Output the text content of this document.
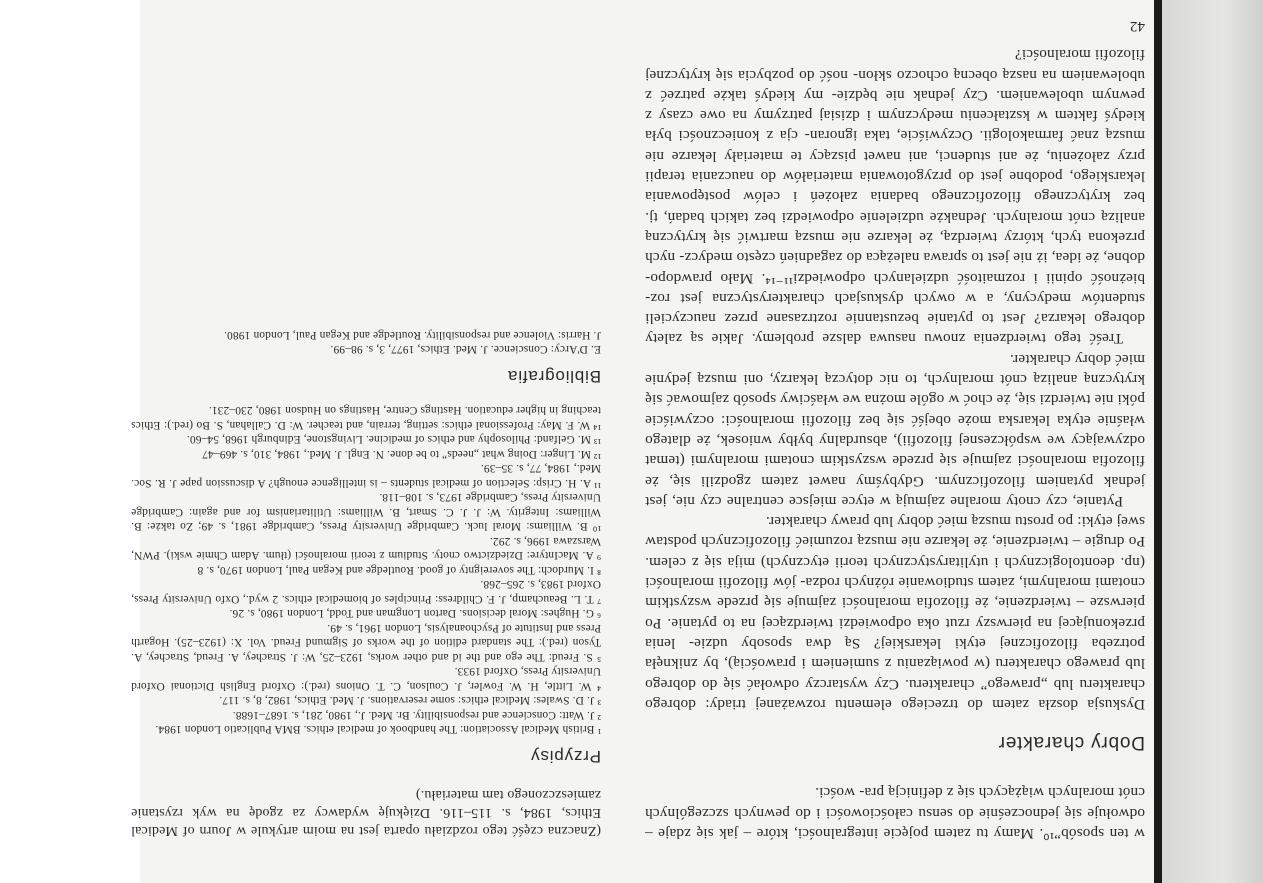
w ten sposób”¹⁰. Mamy tu zatem pojęcie integralności, które – jak się zdaje – odwołuje się jednocześnie do sensu całościowości i do pewnych szczególnych cnót moralnych wiążących się z definicją pra- wości.

Dobry charakter

Dyskusja doszła zatem do trzeciego elementu rozważanej triady: dobrego charakteru lub „prawego” charakteru. Czy wystarczy odwołać się do dobrego lub prawego charakteru (w powiązaniu z sumieniem i prawością), by zniknęła potrzeba filozoficznej etyki lekarskiej? Są dwa sposoby udzie- lenia przekonującej na pierwszy rzut oka odpowiedzi twierdzącej na to pytanie. Po pierwsze – twierdzenie, że filozofia moralności zajmuje się przede wszystkim cnotami moralnymi, zatem studiowanie różnych rodza- jów filozofii moralności (np. deontologicznych i utylitarystycznych teorii etycznych) mija się z celem. Po drugie – twierdzenie, że lekarze nie muszą rozumieć filozoficznych podstaw swej etyki: po prostu muszą mieć dobry lub prawy charakter.

Pytanie, czy cnoty moralne zajmują w etyce miejsce centralne czy nie, jest jednak pytaniem filozoficznym. Gdybyśmy nawet zatem zgodzili się, że filozofia moralności zajmuje się przede wszystkim cnotami moralnymi (temat odzywający we współczesnej filozofii), absurdalny byłby wniosek, że dlatego właśnie etyka lekarska może obejść się bez filozofii moralności: oczywiście póki nie twierdzi się, że choć w ogóle można we właściwy sposób zajmować się krytyczną analizą cnót moralnych, to nic dotyczą lekarzy, oni muszą jedynie mieć dobry charakter.

Treść tego twierdzenia znowu nasuwa dalsze problemy. Jakie są zalety dobrego lekarza? Jest to pytanie bezustannie roztrzasane przez nauczycieli studentów medycyny, a w owych dyskusjach charakterystyczna jest roz- bieżność opinii i rozmaitość udzielanych odpowiedzi¹¹⁻¹⁴. Mało prawdopo- dobne, że idea, iż nie jest to sprawa należąca do zagadnień często medycz- nych przekona tych, którzy twierdzą, że lekarze nie muszą martwić się krytyczną analizą cnót moralnych. Jednakże udzielenie odpowiedzi bez takich badań, tj. bez krytycznego filozoficznego badania założeń i celów postępowania lekarskiego, podobne jest do przygotowania materiałów do nauczania terapii przy założeniu, że ani studenci, ani nawet piszący te materiały lekarze nie muszą znać farmakologii. Oczywiście, taka ignoran- cja z konieczności była kiedyś faktem w kształceniu medycznym i dzisiaj patrzymy na owe czasy z pewnym ubolewaniem. Czy jednak nie będzie- my kiedyś także patrzeć z ubolewaniem na naszą obecną ochoczo skłon- ność do pozbycia się krytycznej filozofii moralności?

42

(Znaczna część tego rozdziału oparta jest na moim artykule w Journ of Medical Ethics, 1984, s. 115–116. Dziękuję wydawcy za zgodę na wyk rzystanie zamieszczonego tam materiału.)

Przypisy

¹ British Medical Association: The handbook of medical ethics. BMA Publicatio London 1984.

² J. Watt: Conscience and responsibility. Br. Med. J., 1980, 281, s. 1687–1688.

³ J. D. Swales: Medical ethics: some reservations. J. Med. Ethics, 1982, 8, s. 117.

⁴ W. Little, H. W. Fowler, J. Coulson, C. T. Onions (red.): Oxford English Dictionai Oxford University Press, Oxford 1933.

⁵ S. Freud: The ego and the id and other works, 1923–25, W: J. Strachey, A. Freud, Strachey, A. Tyson (red.): The standard edition of the works of Sigmund Freud. Vol. X: (1923–25). Hogarth Press and Institute of Psychoanalysis, London 1961, s. 49.

⁶ G. Hughes: Moral decisions. Darton Longman and Todd, London 1980, s. 26.

⁷ T. L. Beauchamp, J. F. Childress: Principles of biomedical ethics. 2 wyd., Oxfo University Press, Oxford 1983, s. 265–268.

⁸ I. Murdoch: The sovereignty of good. Routledge and Kegan Paul, London 1970, s. 8

⁹ A. MacIntyre: Dziedzictwo cnoty. Studium z teorii moralności (tłum. Adam Chmie wski). PWN, Warszawa 1996, s. 292.

¹⁰ B. Williams: Moral luck. Cambridge University Press, Cambridge 1981, s. 49; Zo także: B. Williams: Integrity. W: J. J. C. Smart, B. Williams: Utilitarianism for and again: Cambridge University Press, Cambridge 1973, s. 108–118.

¹¹ A. H. Crisp: Selection of medical students – is intelligence enough? A discussion pape J. R. Soc. Med., 1984, 77, s. 35–39.

¹² M. Linger: Doing what „needs” to be done. N. Engl. J. Med., 1984, 310, s. 469–47

¹³ M. Gelfand: Philosophy and ethics of medicine. Livingstone, Edinburgh 1968, 54–60.

¹⁴ W. F. May: Professional ethics: setting, terrain, and teacher. W: D. Callahan, S. Bo (red.): Ethics teaching in higher education. Hastings Centre, Hastings on Hudson 1980, 230–231.

Bibliografia

E. D'Arcy: Conscience. J. Med. Ethics, 1977, 3, s. 98–99.

J. Harris: Violence and responsibility. Routledge and Kegan Paul, London 1980.
